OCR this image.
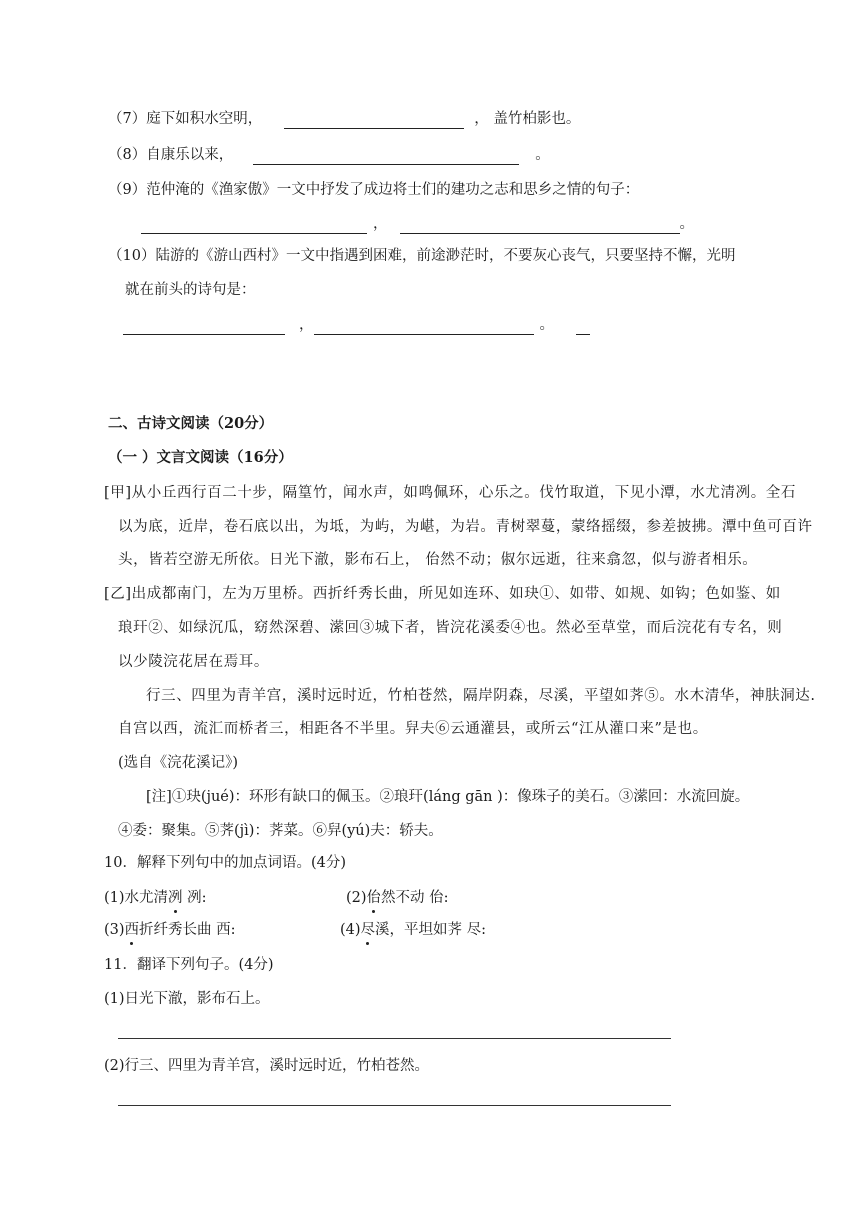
（7）庭下如积水空明，	， 盖竹柏影也。
（8）自康乐以来，	。
（9）范仲淹的《渔家傲》一文中抒发了成边将士们的建功之志和思乡之情的句子：
，	。
（10）陆游的《游山西村》一文中指遇到困难，前途渺茫时，不要灰心丧气，只要坚持不懈，光明
就在前头的诗句是：
，	。
二、古诗文阅读（20分）
（一 ）文言文阅读（16分）
[甲]从小丘西行百二十步，隔篁竹，闻水声，如鸣佩环，心乐之。伐竹取道，下见小潭，水尤清冽。全石
以为底，近岸，卷石底以出，为坻，为屿，为嵁，为岩。青树翠蔓，蒙络摇缀，参差披拂。潭中鱼可百许
头，皆若空游无所依。日光下澈，影布石上， 佁然不动；俶尔远逝，往来翕忽，似与游者相乐。
[乙]出成都南门，左为万里桥。西折纤秀长曲，所见如连环、如玦①、如带、如规、如钩；色如鉴、如
琅玕②、如绿沉瓜，窈然深碧、潆回③城下者，皆浣花溪委④也。然必至草堂，而后浣花有专名，则
以少陵浣花居在焉耳。
行三、四里为青羊宫，溪时远时近，竹柏苍然，隔岸阴森，尽溪，平望如荠⑤。水木清华，神肤洞达.
自宫以西，流汇而桥者三，相距各不半里。舁夫⑥云通灌县，或所云“江从灌口来”是也。
(选自《浣花溪记》)
[注]①玦(jué)：环形有缺口的佩玉。②琅玕(láng gān )：像珠子的美石。③潆回：水流回旋。
④委：聚集。⑤荠(jì)：荠菜。⑥舁(yú)夫：轿夫。
10．解释下列句中的加点词语。(4分)
(1)水尤清冽 冽:	(2)佁然不动 佁:
(3)西折纤秀长曲 西:	(4)尽溪，平坦如荠 尽:
11．翻译下列句子。(4分)
(1)日光下澈，影布石上。
(2)行三、四里为青羊宫，溪时远时近，竹柏苍然。
